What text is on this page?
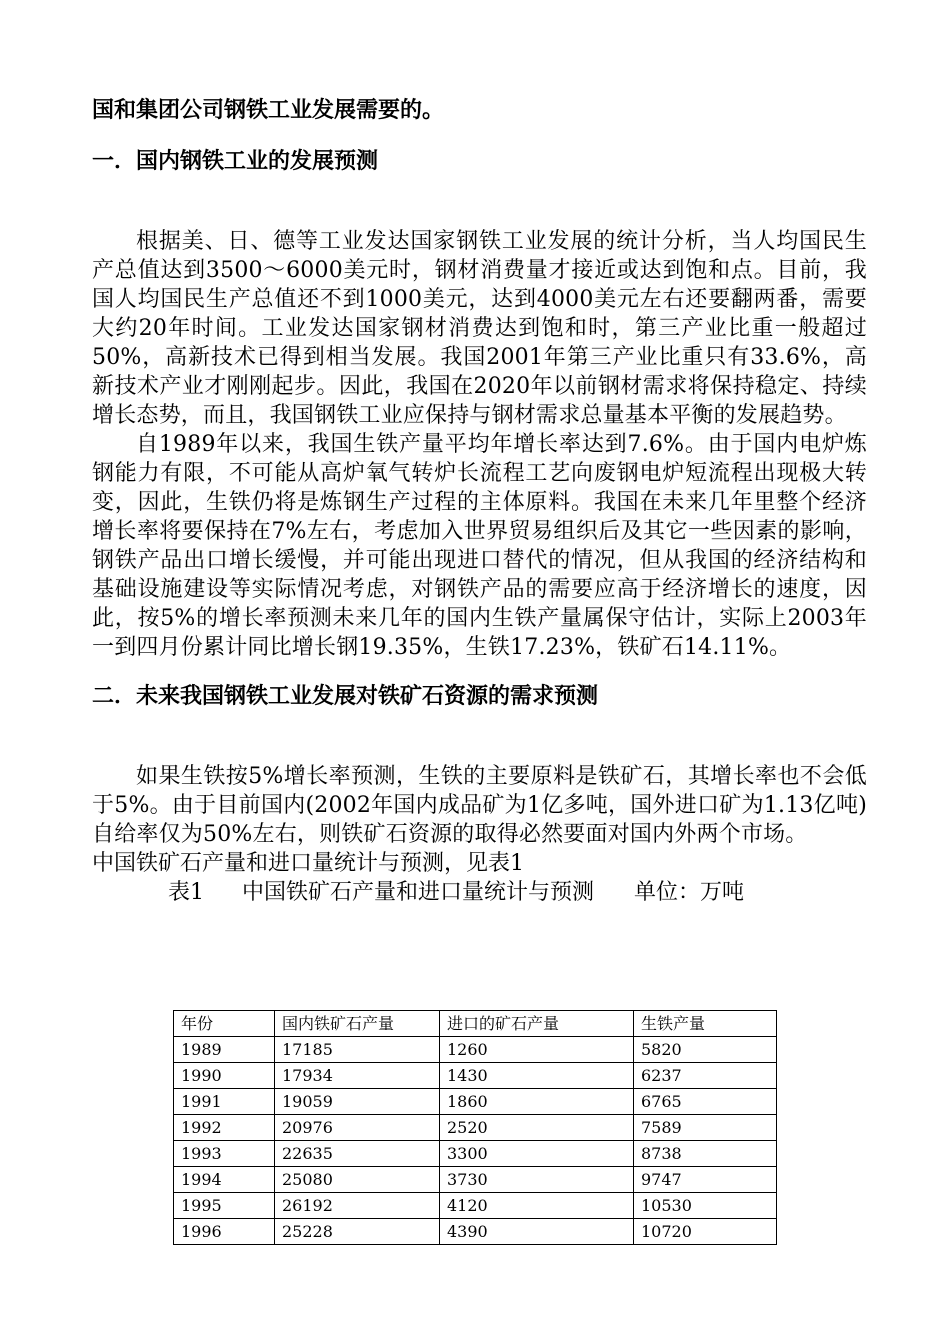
国和集团公司钢铁工业发展需要的。

一．国内钢铁工业的发展预测

根据美、日、德等工业发达国家钢铁工业发展的统计分析，当人均国民生产总值达到3500～6000美元时，钢材消费量才接近或达到饱和点。目前，我国人均国民生产总值还不到1000美元，达到4000美元左右还要翻两番，需要大约20年时间。工业发达国家钢材消费达到饱和时，第三产业比重一般超过50%，高新技术已得到相当发展。我国2001年第三产业比重只有33.6%，高新技术产业才刚刚起步。因此，我国在2020年以前钢材需求将保持稳定、持续增长态势，而且，我国钢铁工业应保持与钢材需求总量基本平衡的发展趋势。

自1989年以来，我国生铁产量平均年增长率达到7.6%。由于国内电炉炼钢能力有限，不可能从高炉氧气转炉长流程工艺向废钢电炉短流程出现极大转变，因此，生铁仍将是炼钢生产过程的主体原料。我国在未来几年里整个经济增长率将要保持在7%左右，考虑加入世界贸易组织后及其它一些因素的影响，钢铁产品出口增长缓慢，并可能出现进口替代的情况，但从我国的经济结构和基础设施建设等实际情况考虑，对钢铁产品的需要应高于经济增长的速度，因此，按5%的增长率预测未来几年的国内生铁产量属保守估计，实际上2003年一到四月份累计同比增长钢19.35%，生铁17.23%，铁矿石14.11%。

二．未来我国钢铁工业发展对铁矿石资源的需求预测

如果生铁按5%增长率预测，生铁的主要原料是铁矿石，其增长率也不会低于5%。由于目前国内(2002年国内成品矿为1亿多吨，国外进口矿为1.13亿吨)自给率仅为50%左右，则铁矿石资源的取得必然要面对国内外两个市场。

中国铁矿石产量和进口量统计与预测，见表1

表1 中国铁矿石产量和进口量统计与预测 单位：万吨

年份	国内铁矿石产量	进口的矿石产量	生铁产量
1989	17185	1260	5820
1990	17934	1430	6237
1991	19059	1860	6765
1992	20976	2520	7589
1993	22635	3300	8738
1994	25080	3730	9747
1995	26192	4120	10530
1996	25228	4390	10720
